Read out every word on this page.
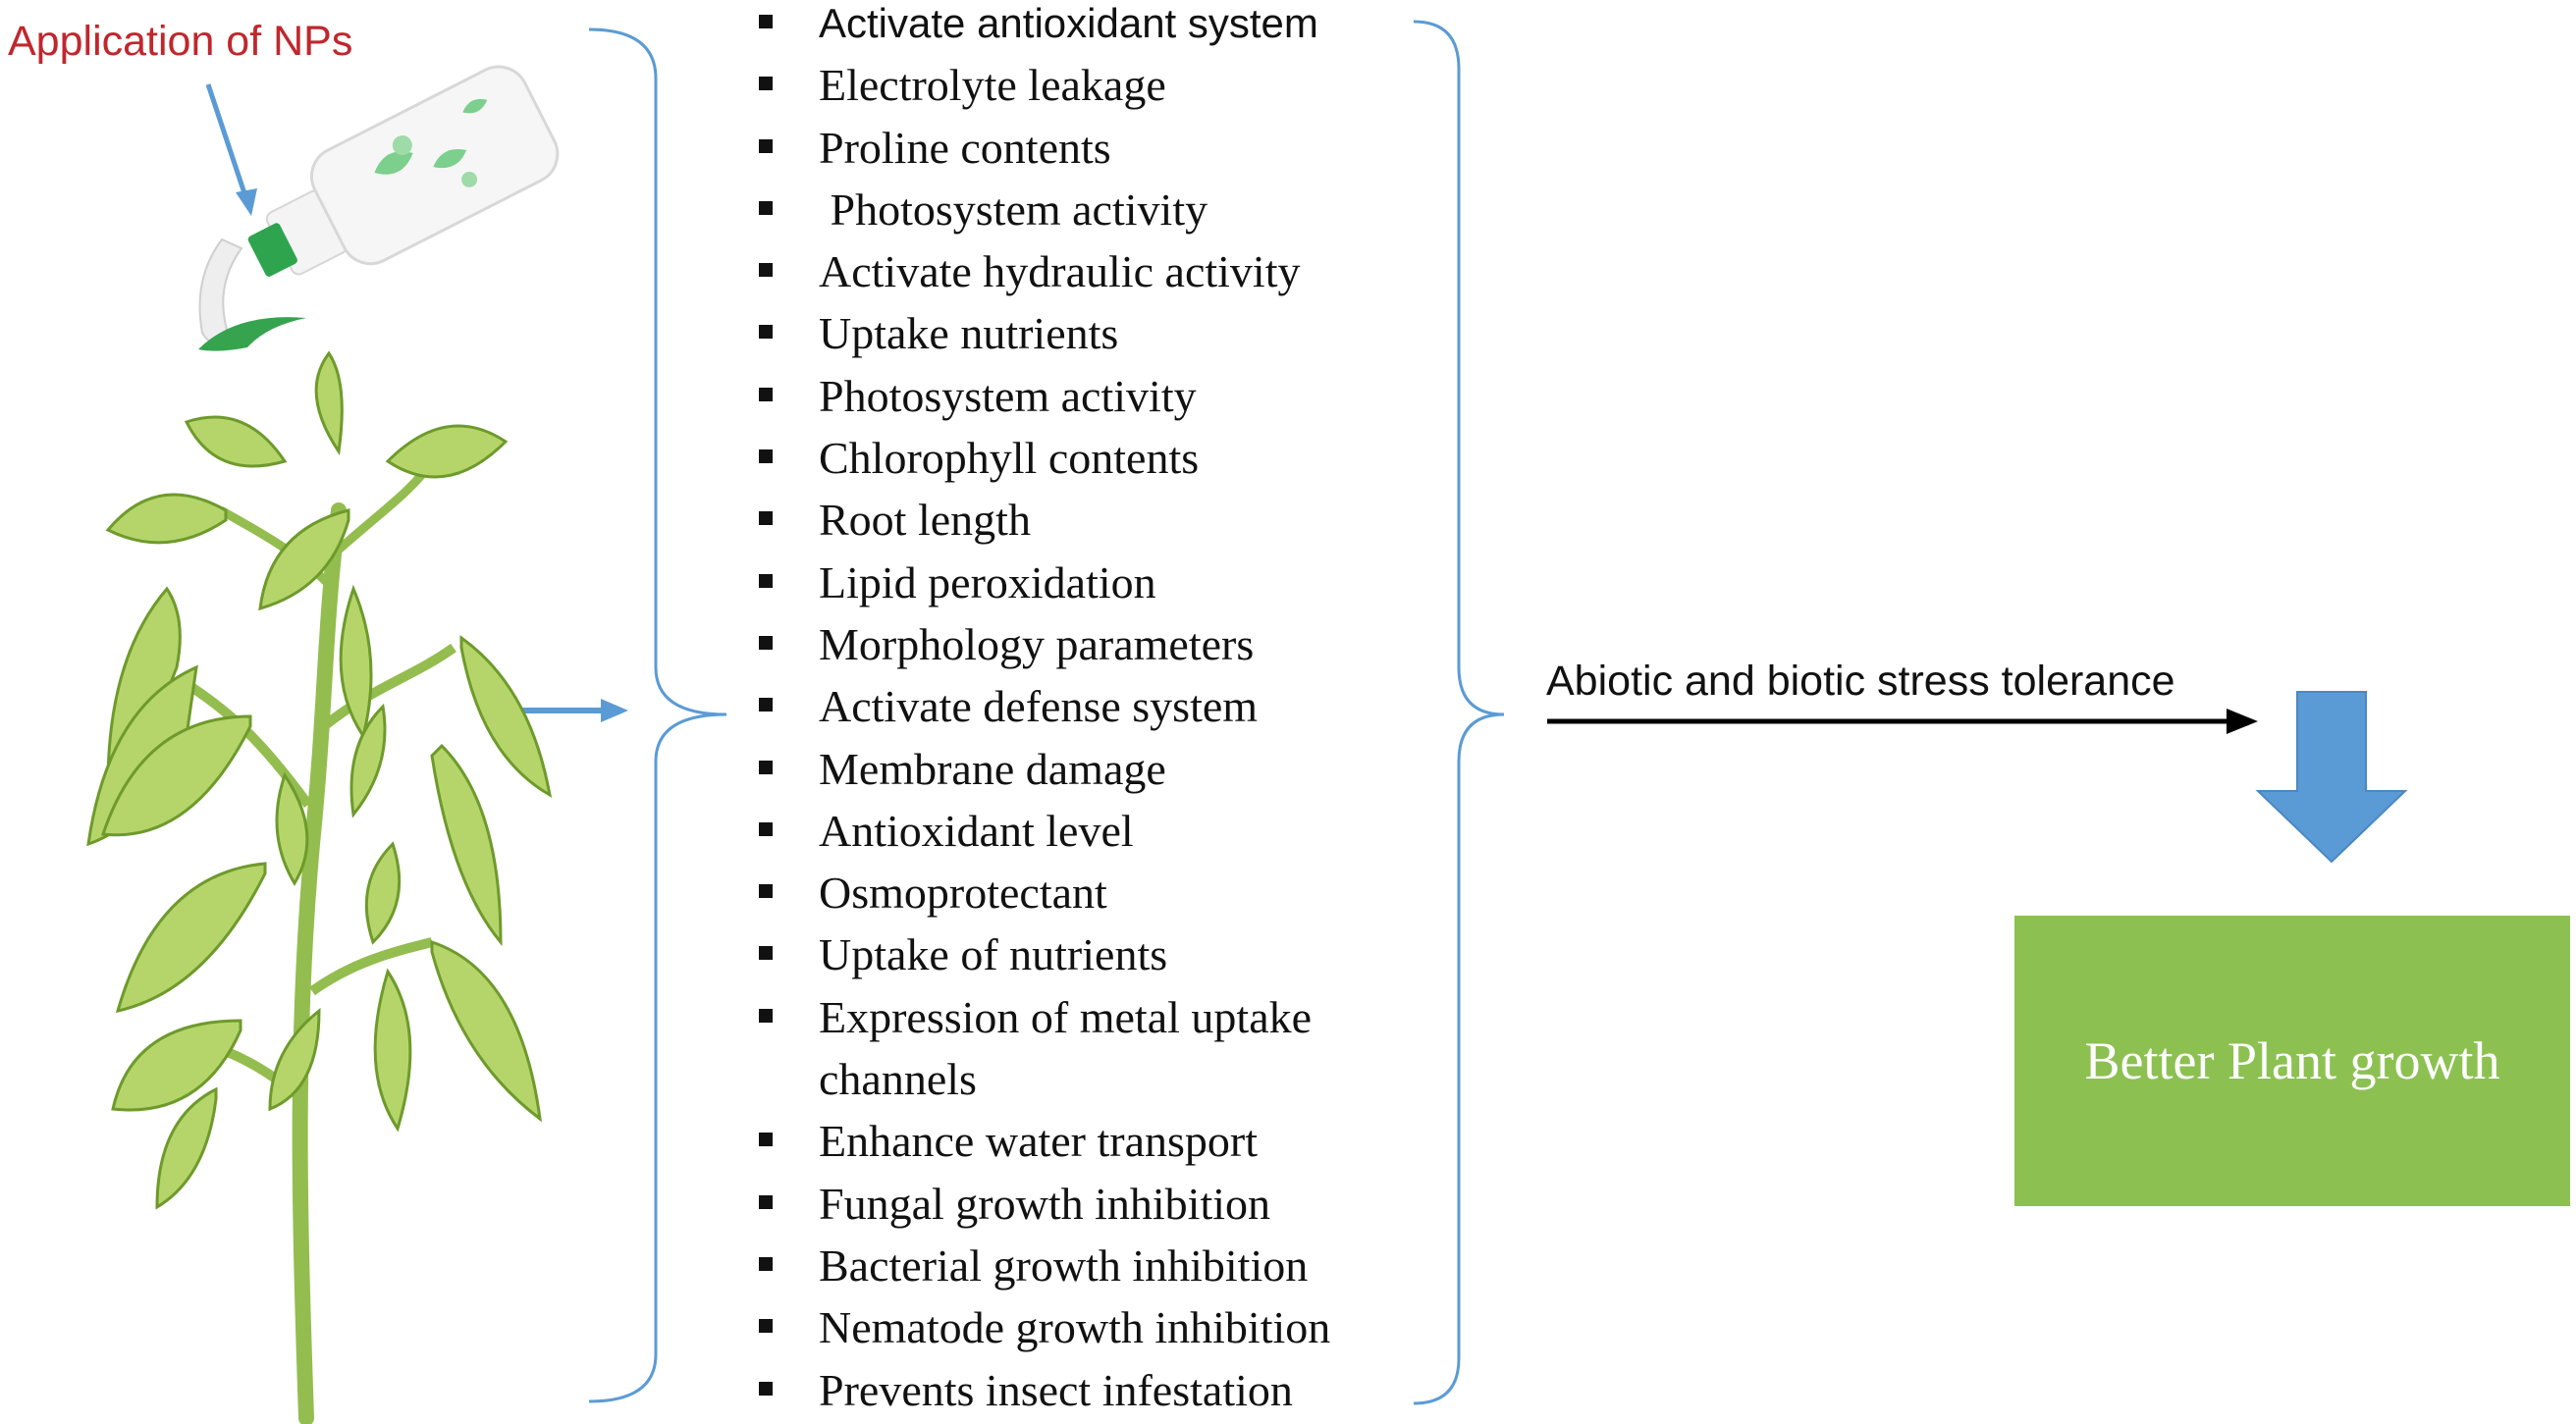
Application of NPs	Activate antioxidant system
Electrolyte leakage
Proline contents
Photosystem activity
Activate hydraulic activity
Uptake nutrients
Photosystem activity
Chlorophyll contents
Root length
Lipid peroxidation
Morphology parameters
Activate defense system
Membrane damage
Antioxidant level
Osmoprotectant
Uptake of nutrients
Expression of metal uptake channels
Enhance water transport
Fungal growth inhibition
Bacterial growth inhibition
Nematode growth inhibition
Prevents insect infestation
Abiotic and biotic stress tolerance
Better Plant growth
